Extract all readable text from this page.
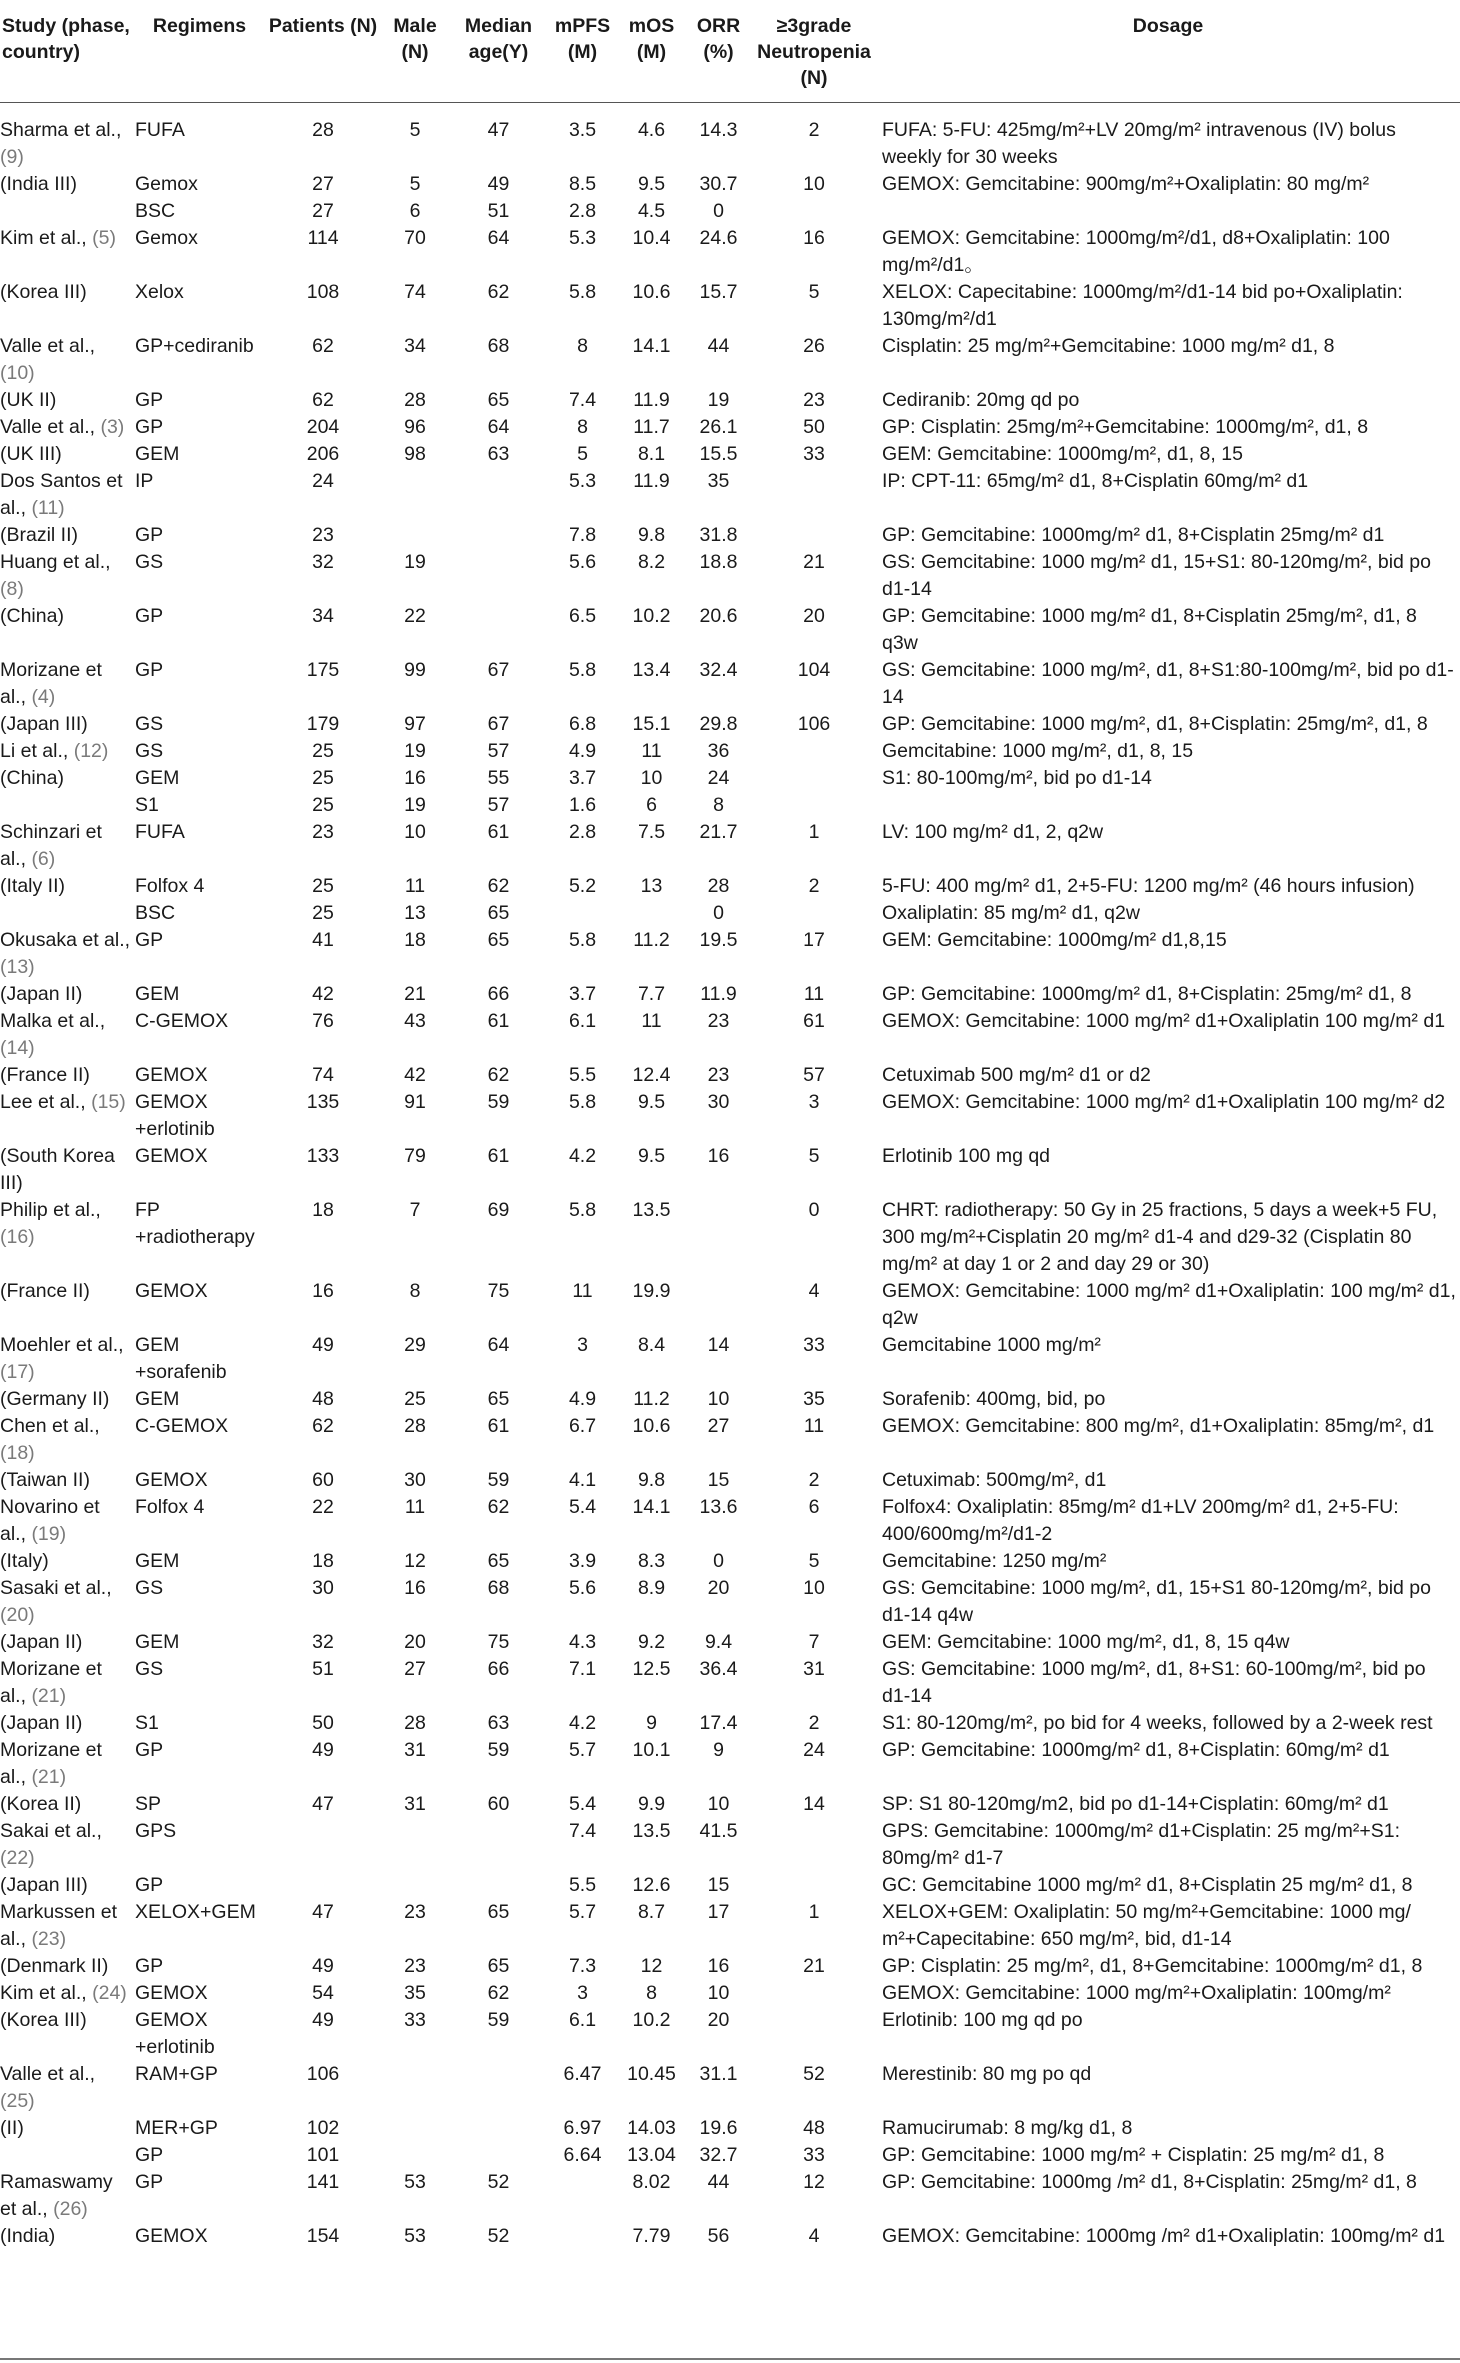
Study (phase, country)	Regimens	Patients (N)	Male (N)	Median age(Y)	mPFS (M)	mOS (M)	ORR (%)	≥3grade Neutropenia (N)	Dosage
Sharma et al., (9)	FUFA	28	5	47	3.5	4.6	14.3	2	FUFA: 5-FU: 425mg/m²+LV 20mg/m² intravenous (IV) bolus weekly for 30 weeks
(India III)	Gemox	27	5	49	8.5	9.5	30.7	10	GEMOX: Gemcitabine: 900mg/m²+Oxaliplatin: 80 mg/m²
	BSC	27	6	51	2.8	4.5	0		
Kim et al., (5)	Gemox	114	70	64	5.3	10.4	24.6	16	GEMOX: Gemcitabine: 1000mg/m²/d1, d8+Oxaliplatin: 100 mg/m²/d1。
(Korea III)	Xelox	108	74	62	5.8	10.6	15.7	5	XELOX: Capecitabine: 1000mg/m²/d1-14 bid po+Oxaliplatin: 130mg/m²/d1
Valle et al., (10)	GP+cediranib	62	34	68	8	14.1	44	26	Cisplatin: 25 mg/m²+Gemcitabine: 1000 mg/m² d1, 8
(UK II)	GP	62	28	65	7.4	11.9	19	23	Cediranib: 20mg qd po
Valle et al., (3)	GP	204	96	64	8	11.7	26.1	50	GP: Cisplatin: 25mg/m²+Gemcitabine: 1000mg/m², d1, 8
(UK III)	GEM	206	98	63	5	8.1	15.5	33	GEM: Gemcitabine: 1000mg/m², d1, 8, 15
Dos Santos et al., (11)	IP	24			5.3	11.9	35		IP: CPT-11: 65mg/m² d1, 8+Cisplatin 60mg/m² d1
(Brazil II)	GP	23			7.8	9.8	31.8		GP: Gemcitabine: 1000mg/m² d1, 8+Cisplatin 25mg/m² d1
Huang et al., (8)	GS	32	19		5.6	8.2	18.8	21	GS: Gemcitabine: 1000 mg/m² d1, 15+S1: 80-120mg/m², bid po d1-14
(China)	GP	34	22		6.5	10.2	20.6	20	GP: Gemcitabine: 1000 mg/m² d1, 8+Cisplatin 25mg/m², d1, 8 q3w
Morizane et al., (4)	GP	175	99	67	5.8	13.4	32.4	104	GS: Gemcitabine: 1000 mg/m², d1, 8+S1:80-100mg/m², bid po d1-14
(Japan III)	GS	179	97	67	6.8	15.1	29.8	106	GP: Gemcitabine: 1000 mg/m², d1, 8+Cisplatin: 25mg/m², d1, 8
Li et al., (12)	GS	25	19	57	4.9	11	36		Gemcitabine: 1000 mg/m², d1, 8, 15
(China)	GEM	25	16	55	3.7	10	24		S1: 80-100mg/m², bid po d1-14
	S1	25	19	57	1.6	6	8		
Schinzari et al., (6)	FUFA	23	10	61	2.8	7.5	21.7	1	LV: 100 mg/m² d1, 2, q2w
(Italy II)	Folfox 4	25	11	62	5.2	13	28	2	5-FU: 400 mg/m² d1, 2+5-FU: 1200 mg/m² (46 hours infusion)
	BSC	25	13	65			0		Oxaliplatin: 85 mg/m² d1, q2w
Okusaka et al., (13)	GP	41	18	65	5.8	11.2	19.5	17	GEM: Gemcitabine: 1000mg/m² d1,8,15
(Japan II)	GEM	42	21	66	3.7	7.7	11.9	11	GP: Gemcitabine: 1000mg/m² d1, 8+Cisplatin: 25mg/m² d1, 8
Malka et al., (14)	C-GEMOX	76	43	61	6.1	11	23	61	GEMOX: Gemcitabine: 1000 mg/m² d1+Oxaliplatin 100 mg/m² d1
(France II)	GEMOX	74	42	62	5.5	12.4	23	57	Cetuximab 500 mg/m² d1 or d2
Lee et al., (15)	GEMOX +erlotinib	135	91	59	5.8	9.5	30	3	GEMOX: Gemcitabine: 1000 mg/m² d1+Oxaliplatin 100 mg/m² d2
(South Korea III)	GEMOX	133	79	61	4.2	9.5	16	5	Erlotinib 100 mg qd
Philip et al., (16)	FP +radiotherapy	18	7	69	5.8	13.5		0	CHRT: radiotherapy: 50 Gy in 25 fractions, 5 days a week+5 FU, 300 mg/m²+Cisplatin 20 mg/m² d1-4 and d29-32 (Cisplatin 80 mg/m² at day 1 or 2 and day 29 or 30)
(France II)	GEMOX	16	8	75	11	19.9		4	GEMOX: Gemcitabine: 1000 mg/m² d1+Oxaliplatin: 100 mg/m² d1, q2w
Moehler et al., (17)	GEM +sorafenib	49	29	64	3	8.4	14	33	Gemcitabine 1000 mg/m²
(Germany II)	GEM	48	25	65	4.9	11.2	10	35	Sorafenib: 400mg, bid, po
Chen et al., (18)	C-GEMOX	62	28	61	6.7	10.6	27	11	GEMOX: Gemcitabine: 800 mg/m², d1+Oxaliplatin: 85mg/m², d1
(Taiwan II)	GEMOX	60	30	59	4.1	9.8	15	2	Cetuximab: 500mg/m², d1
Novarino et al., (19)	Folfox 4	22	11	62	5.4	14.1	13.6	6	Folfox4: Oxaliplatin: 85mg/m² d1+LV 200mg/m² d1, 2+5-FU: 400/600mg/m²/d1-2
(Italy)	GEM	18	12	65	3.9	8.3	0	5	Gemcitabine: 1250 mg/m²
Sasaki et al., (20)	GS	30	16	68	5.6	8.9	20	10	GS: Gemcitabine: 1000 mg/m², d1, 15+S1 80-120mg/m², bid po d1-14 q4w
(Japan II)	GEM	32	20	75	4.3	9.2	9.4	7	GEM: Gemcitabine: 1000 mg/m², d1, 8, 15 q4w
Morizane et al., (21)	GS	51	27	66	7.1	12.5	36.4	31	GS: Gemcitabine: 1000 mg/m², d1, 8+S1: 60-100mg/m², bid po d1-14
(Japan II)	S1	50	28	63	4.2	9	17.4	2	S1: 80-120mg/m², po bid for 4 weeks, followed by a 2-week rest
Morizane et al., (21)	GP	49	31	59	5.7	10.1	9	24	GP: Gemcitabine: 1000mg/m² d1, 8+Cisplatin: 60mg/m² d1
(Korea II)	SP	47	31	60	5.4	9.9	10	14	SP: S1 80-120mg/m2, bid po d1-14+Cisplatin: 60mg/m² d1
Sakai et al., (22)	GPS				7.4	13.5	41.5		GPS: Gemcitabine: 1000mg/m² d1+Cisplatin: 25 mg/m²+S1: 80mg/m² d1-7
(Japan III)	GP				5.5	12.6	15		GC: Gemcitabine 1000 mg/m² d1, 8+Cisplatin 25 mg/m² d1, 8
Markussen et al., (23)	XELOX+GEM	47	23	65	5.7	8.7	17	1	XELOX+GEM: Oxaliplatin: 50 mg/m²+Gemcitabine: 1000 mg/ m²+Capecitabine: 650 mg/m², bid, d1-14
(Denmark II)	GP	49	23	65	7.3	12	16	21	GP: Cisplatin: 25 mg/m², d1, 8+Gemcitabine: 1000mg/m² d1, 8
Kim et al., (24)	GEMOX	54	35	62	3	8	10		GEMOX: Gemcitabine: 1000 mg/m²+Oxaliplatin: 100mg/m²
(Korea III)	GEMOX +erlotinib	49	33	59	6.1	10.2	20		Erlotinib: 100 mg qd po
Valle et al., (25)	RAM+GP	106			6.47	10.45	31.1	52	Merestinib: 80 mg po qd
(II)	MER+GP	102			6.97	14.03	19.6	48	Ramucirumab: 8 mg/kg d1, 8
	GP	101			6.64	13.04	32.7	33	GP: Gemcitabine: 1000 mg/m² + Cisplatin: 25 mg/m² d1, 8
Ramaswamy et al., (26)	GP	141	53	52		8.02	44	12	GP: Gemcitabine: 1000mg /m² d1, 8+Cisplatin: 25mg/m² d1, 8
(India)	GEMOX	154	53	52		7.79	56	4	GEMOX: Gemcitabine: 1000mg /m² d1+Oxaliplatin: 100mg/m² d1
